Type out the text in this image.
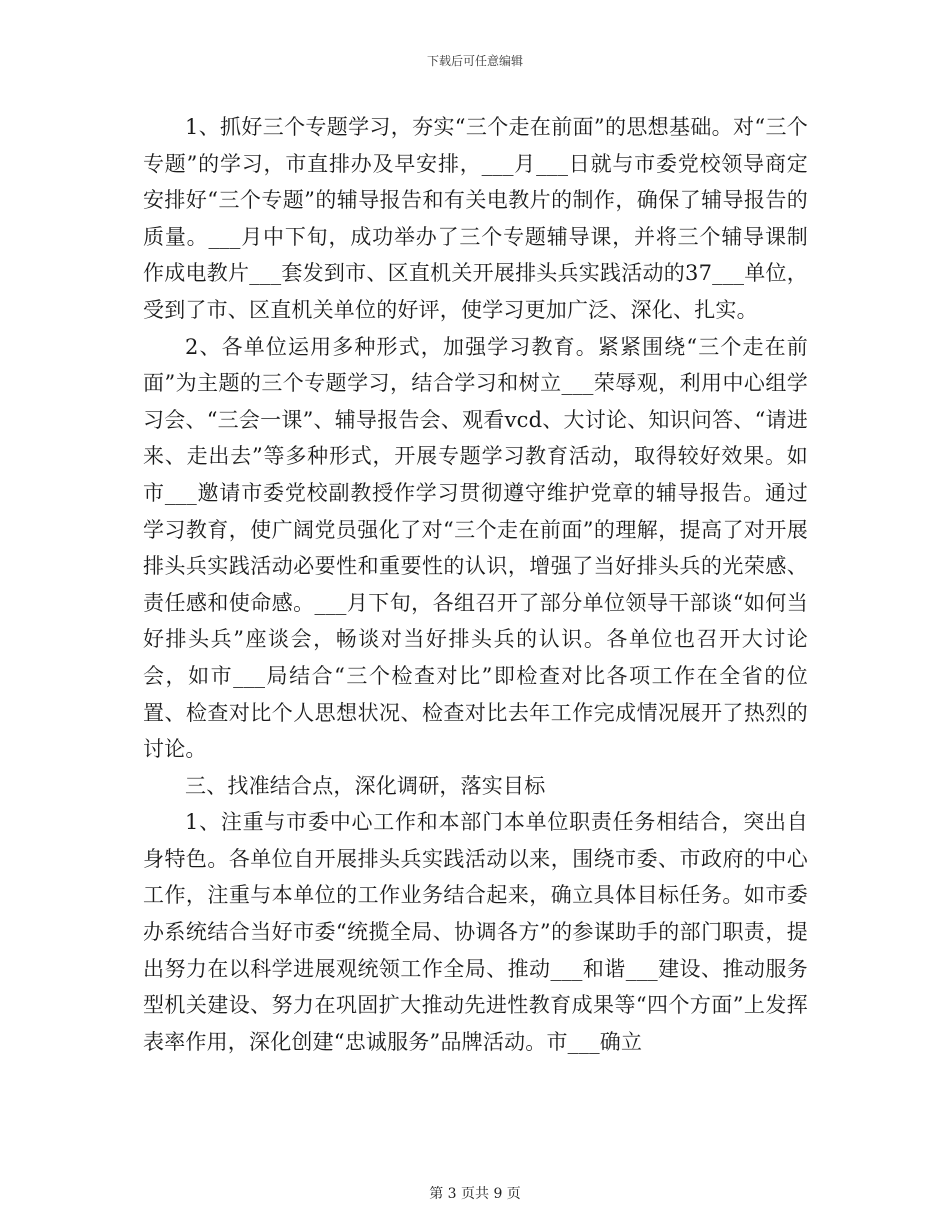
下载后可任意编辑

1、抓好三个专题学习，夯实“三个走在前面”的思想基础。对“三个专题”的学习，市直排办及早安排，___月___日就与市委党校领导商定安排好“三个专题”的辅导报告和有关电教片的制作，确保了辅导报告的质量。___月中下旬，成功举办了三个专题辅导课，并将三个辅导课制作成电教片___套发到市、区直机关开展排头兵实践活动的37___单位，受到了市、区直机关单位的好评，使学习更加广泛、深化、扎实。

2、各单位运用多种形式，加强学习教育。紧紧围绕“三个走在前面”为主题的三个专题学习，结合学习和树立___荣辱观，利用中心组学习会、“三会一课”、辅导报告会、观看vcd、大讨论、知识问答、“请进来、走出去”等多种形式，开展专题学习教育活动，取得较好效果。如市___邀请市委党校副教授作学习贯彻遵守维护党章的辅导报告。通过学习教育，使广阔党员强化了对“三个走在前面”的理解，提高了对开展排头兵实践活动必要性和重要性的认识，增强了当好排头兵的光荣感、责任感和使命感。___月下旬，各组召开了部分单位领导干部谈“如何当好排头兵”座谈会，畅谈对当好排头兵的认识。各单位也召开大讨论会，如市___局结合“三个检查对比”即检查对比各项工作在全省的位置、检查对比个人思想状况、检查对比去年工作完成情况展开了热烈的讨论。

三、找准结合点，深化调研，落实目标

1、注重与市委中心工作和本部门本单位职责任务相结合，突出自身特色。各单位自开展排头兵实践活动以来，围绕市委、市政府的中心工作，注重与本单位的工作业务结合起来，确立具体目标任务。如市委办系统结合当好市委“统揽全局、协调各方”的参谋助手的部门职责，提出努力在以科学进展观统领工作全局、推动___和谐___建设、推动服务型机关建设、努力在巩固扩大推动先进性教育成果等“四个方面”上发挥表率作用，深化创建“忠诚服务”品牌活动。市___确立

第 3 页共 9 页
